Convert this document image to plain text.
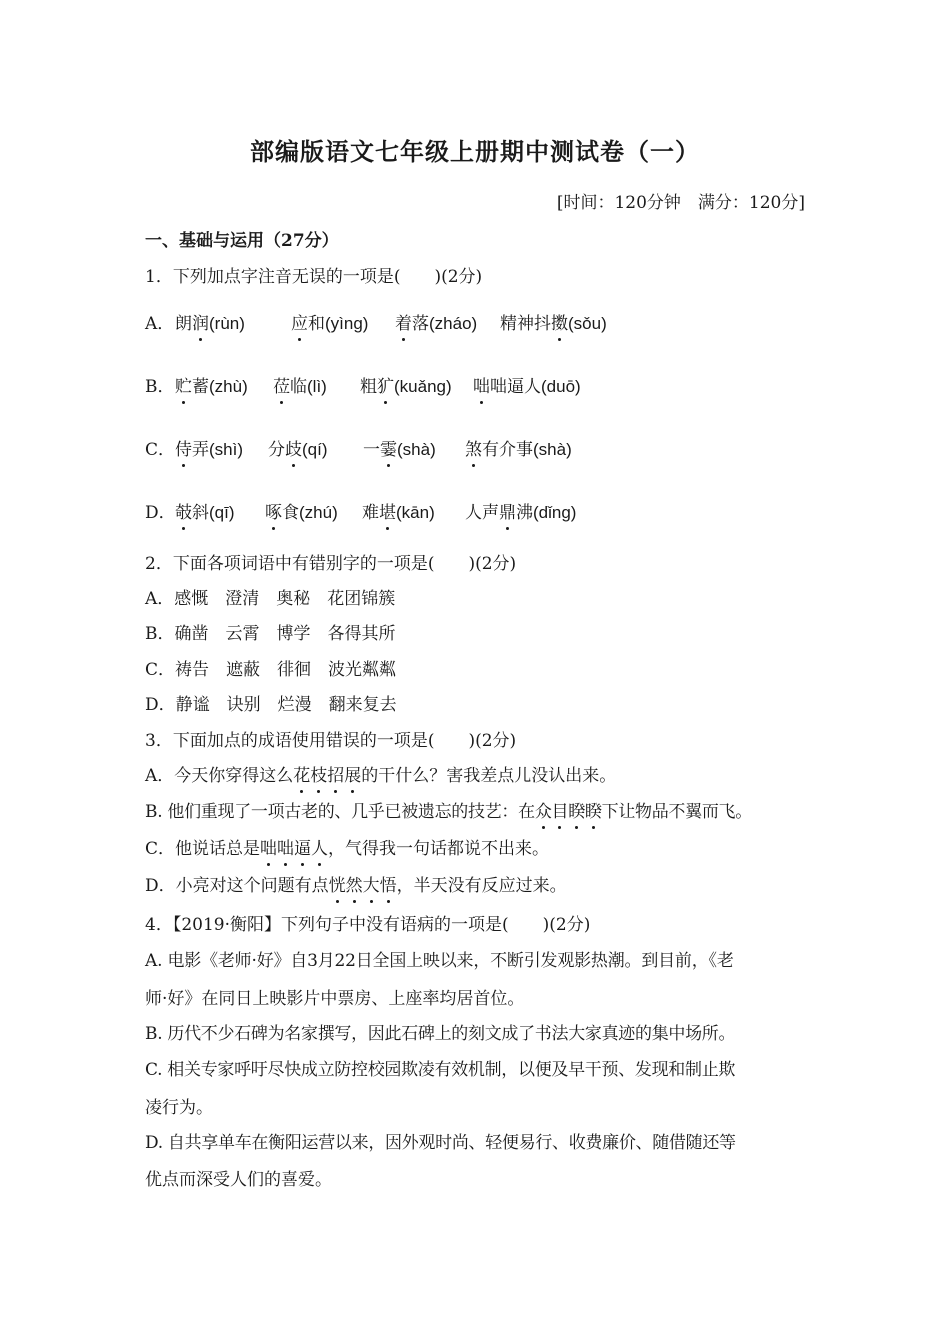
部编版语文七年级上册期中测试卷（一）
[时间：120分钟　满分：120分]
一、基础与运用（27分）
1．下列加点字注音无误的一项是(　　)(2分)
A． 朗润(rùn)	应和(yìng) 着落(zháo) 精神抖擞(sǒu)
B． 贮蓄(zhù) 莅临(lì) 粗犷(kuǎng) 咄咄逼人(duō)
C． 侍弄(shì) 分歧(qí) 一霎(shà) 煞有介事(shà)
D． 攲斜(qī) 啄食(zhú) 难堪(kān) 人声鼎沸(dǐng)
2．下面各项词语中有错别字的一项是(　　)(2分)
A．感慨　澄清　奥秘　花团锦簇
B．确凿　云霄　博学　各得其所
C．祷告　遮蔽　徘徊　波光粼粼
D．静谧　诀别　烂漫　翻来复去
3．下面加点的成语使用错误的一项是(　　)(2分)
A．今天你穿得这么花枝招展的干什么？害我差点儿没认出来。
B. 他们重现了一项古老的、几乎已被遗忘的技艺：在众目睽睽下让物品不翼而飞。
C．他说话总是咄咄逼人，气得我一句话都说不出来。
D．小亮对这个问题有点恍然大悟，半天没有反应过来。
4．【2019·衡阳】下列句子中没有语病的一项是(　　)(2分)
A. 电影《老师·好》自3月22日全国上映以来，不断引发观影热潮。到目前，《老
师·好》在同日上映影片中票房、上座率均居首位。
B. 历代不少石碑为名家撰写，因此石碑上的刻文成了书法大家真迹的集中场所。
C. 相关专家呼吁尽快成立防控校园欺凌有效机制，以便及早干预、发现和制止欺
凌行为。
D. 自共享单车在衡阳运营以来，因外观时尚、轻便易行、收费廉价、随借随还等
优点而深受人们的喜爱。
